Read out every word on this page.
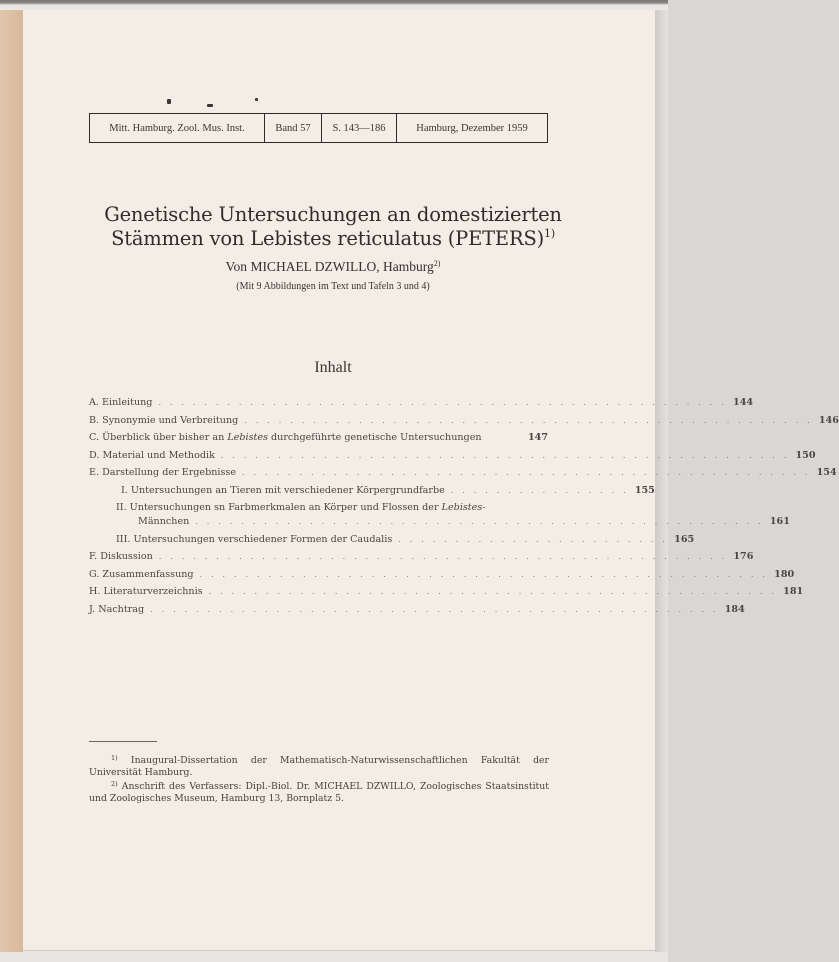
Mitt. Hamburg. Zool. Mus. Inst.	Band 57	S. 143—186	Hamburg, Dezember 1959
Genetische Untersuchungen an domestizierten
Stämmen von Lebistes reticulatus (PETERS)$^{1)}$
Von MICHAEL DZWILLO, Hamburg$^{2)}$
(Mit 9 Abbildungen im Text und Tafeln 3 und 4)
Inhalt
A. Einleitung . . . . . . . . . . . . . . . . . . . . . . . . . . . . . . . . . . . . . . . . . . . . . . . . . . 144
B. Synonymie und Verbreitung . . . . . . . . . . . . . . . . . . . . . . . . . . . . . . . . . . . . . . . . . . . . . . . . . . 146
C. Überblick über bisher an Lebistes durchgeführte genetische Untersuchungen	147
D. Material und Methodik . . . . . . . . . . . . . . . . . . . . . . . . . . . . . . . . . . . . . . . . . . . . . . . . . . 150
E. Darstellung der Ergebnisse . . . . . . . . . . . . . . . . . . . . . . . . . . . . . . . . . . . . . . . . . . . . . . . . . . 154
I. Untersuchungen an Tieren mit verschiedener Körpergrundfarbe . . . . . . . . . . . . . . . . 155
II. Untersuchungen sn Farbmerkmalen an Körper und Flossen der Lebistes-
Männchen . . . . . . . . . . . . . . . . . . . . . . . . . . . . . . . . . . . . . . . . . . . . . . . . . . 161
III. Untersuchungen verschiedener Formen der Caudalis . . . . . . . . . . . . . . . . . . . . . . . . 165
F. Diskussion . . . . . . . . . . . . . . . . . . . . . . . . . . . . . . . . . . . . . . . . . . . . . . . . . . 176
G. Zusammenfassung . . . . . . . . . . . . . . . . . . . . . . . . . . . . . . . . . . . . . . . . . . . . . . . . . . 180
H. Literaturverzeichnis . . . . . . . . . . . . . . . . . . . . . . . . . . . . . . . . . . . . . . . . . . . . . . . . . . 181
J. Nachtrag . . . . . . . . . . . . . . . . . . . . . . . . . . . . . . . . . . . . . . . . . . . . . . . . . . 184
$^{1)}$ Inaugural-Dissertation der Mathematisch-Naturwissenschaftlichen Fakultät der Universität Hamburg.
$^{2)}$ Anschrift des Verfassers: Dipl.-Biol. Dr. MICHAEL DZWILLO, Zoologisches Staatsinstitut und Zoologisches Museum, Hamburg 13, Bornplatz 5.
